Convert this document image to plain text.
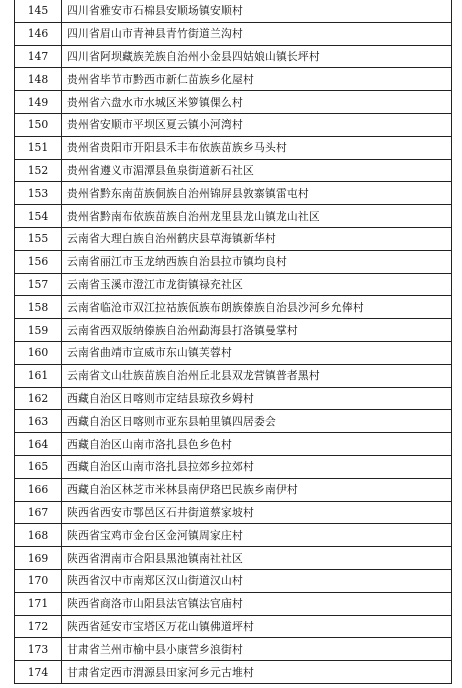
145	四川省雅安市石棉县安顺场镇安顺村
146	四川省眉山市青神县青竹街道兰沟村
147	四川省阿坝藏族羌族自治州小金县四姑娘山镇长坪村
148	贵州省毕节市黔西市新仁苗族乡化屋村
149	贵州省六盘水市水城区米箩镇倮么村
150	贵州省安顺市平坝区夏云镇小河湾村
151	贵州省贵阳市开阳县禾丰布依族苗族乡马头村
152	贵州省遵义市湄潭县鱼泉街道新石社区
153	贵州省黔东南苗族侗族自治州锦屏县敦寨镇雷屯村
154	贵州省黔南布依族苗族自治州龙里县龙山镇龙山社区
155	云南省大理白族自治州鹤庆县草海镇新华村
156	云南省丽江市玉龙纳西族自治县拉市镇均良村
157	云南省玉溪市澄江市龙街镇禄充社区
158	云南省临沧市双江拉祜族佤族布朗族傣族自治县沙河乡允俸村
159	云南省西双版纳傣族自治州勐海县打洛镇曼掌村
160	云南省曲靖市宣威市东山镇芙蓉村
161	云南省文山壮族苗族自治州丘北县双龙营镇普者黑村
162	西藏自治区日喀则市定结县琼孜乡姆村
163	西藏自治区日喀则市亚东县帕里镇四居委会
164	西藏自治区山南市洛扎县色乡色村
165	西藏自治区山南市洛扎县拉郊乡拉郊村
166	西藏自治区林芝市米林县南伊珞巴民族乡南伊村
167	陕西省西安市鄠邑区石井街道蔡家坡村
168	陕西省宝鸡市金台区金河镇周家庄村
169	陕西省渭南市合阳县黑池镇南社社区
170	陕西省汉中市南郑区汉山街道汉山村
171	陕西省商洛市山阳县法官镇法官庙村
172	陕西省延安市宝塔区万花山镇佛道坪村
173	甘肃省兰州市榆中县小康营乡浪街村
174	甘肃省定西市渭源县田家河乡元古堆村
